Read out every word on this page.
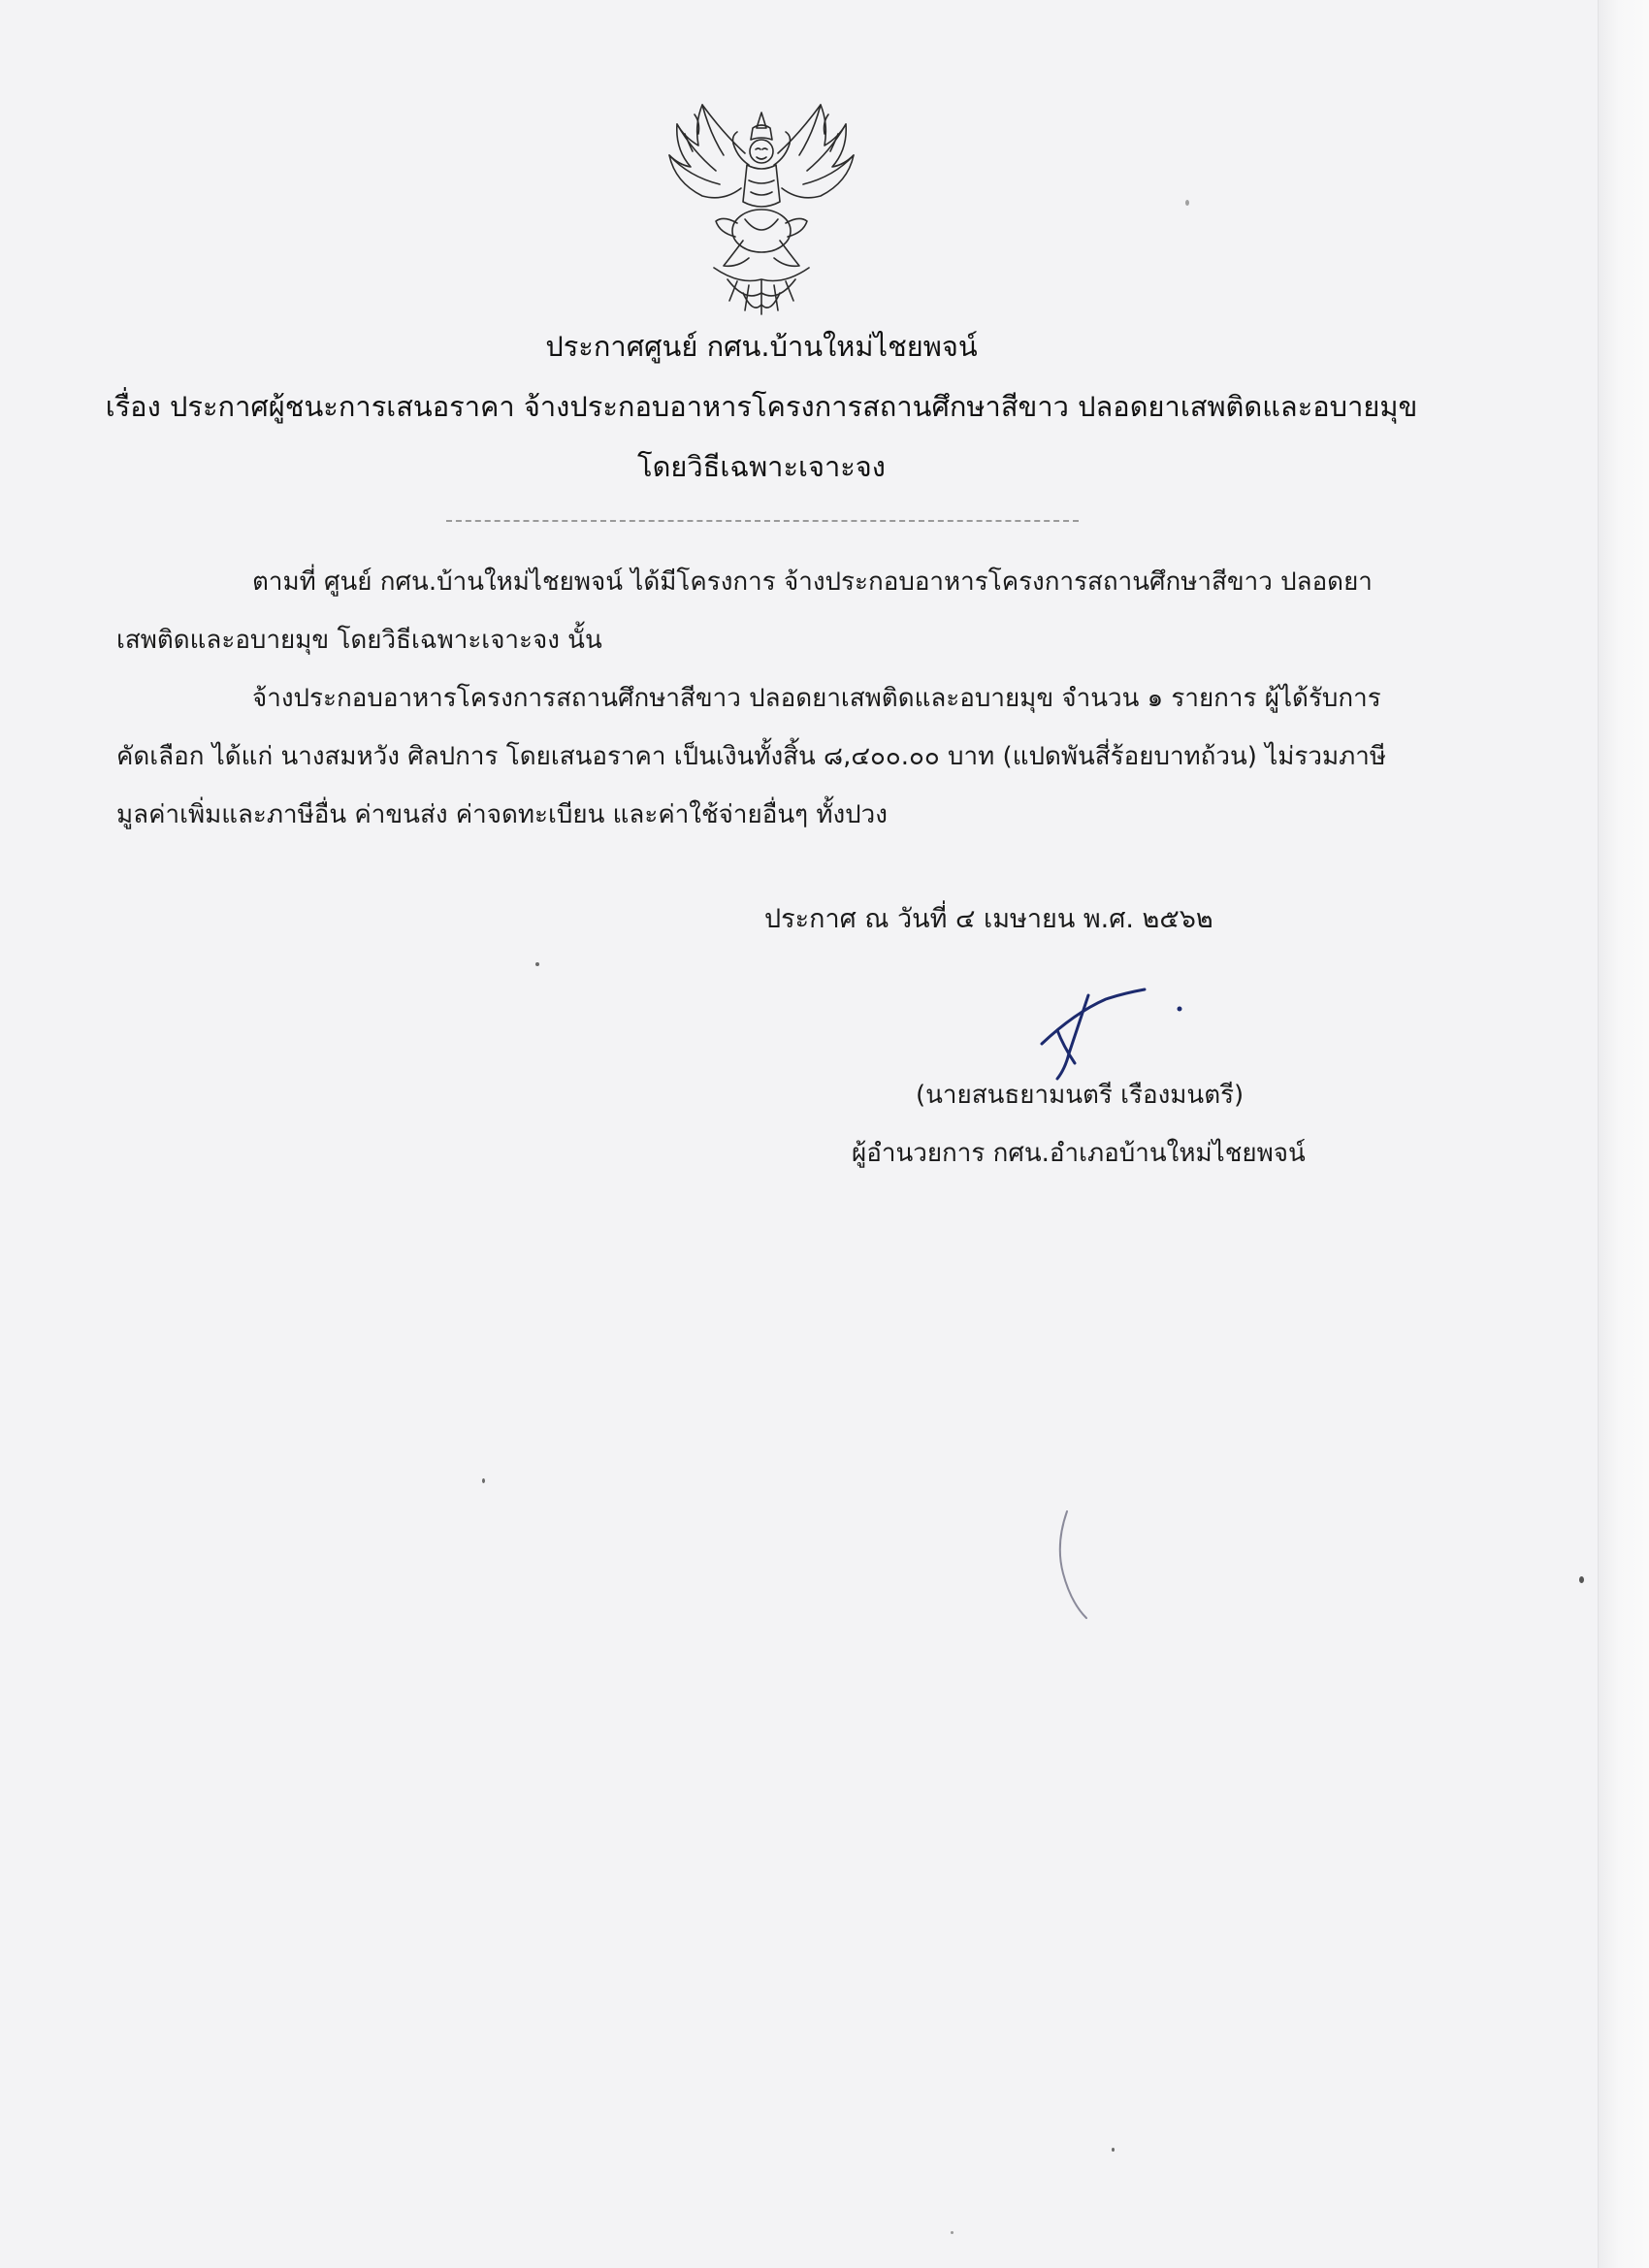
ประกาศศูนย์ กศน.บ้านใหม่ไชยพจน์
เรื่อง ประกาศผู้ชนะการเสนอราคา จ้างประกอบอาหารโครงการสถานศึกษาสีขาว ปลอดยาเสพติดและอบายมุข
โดยวิธีเฉพาะเจาะจง

ตามที่ ศูนย์ กศน.บ้านใหม่ไชยพจน์ ได้มีโครงการ จ้างประกอบอาหารโครงการสถานศึกษาสีขาว ปลอดยาเสพติดและอบายมุข โดยวิธีเฉพาะเจาะจง นั้น

จ้างประกอบอาหารโครงการสถานศึกษาสีขาว ปลอดยาเสพติดและอบายมุข จำนวน ๑ รายการ ผู้ได้รับการคัดเลือก ได้แก่ นางสมหวัง ศิลปการ โดยเสนอราคา เป็นเงินทั้งสิ้น ๘,๔๐๐.๐๐ บาท (แปดพันสี่ร้อยบาทถ้วน) ไม่รวมภาษีมูลค่าเพิ่มและภาษีอื่น ค่าขนส่ง ค่าจดทะเบียน และค่าใช้จ่ายอื่นๆ ทั้งปวง

ประกาศ ณ วันที่ ๔ เมษายน พ.ศ. ๒๕๖๒
(นายสนธยามนตรี เรืองมนตรี)
ผู้อำนวยการ กศน.อำเภอบ้านใหม่ไชยพจน์
